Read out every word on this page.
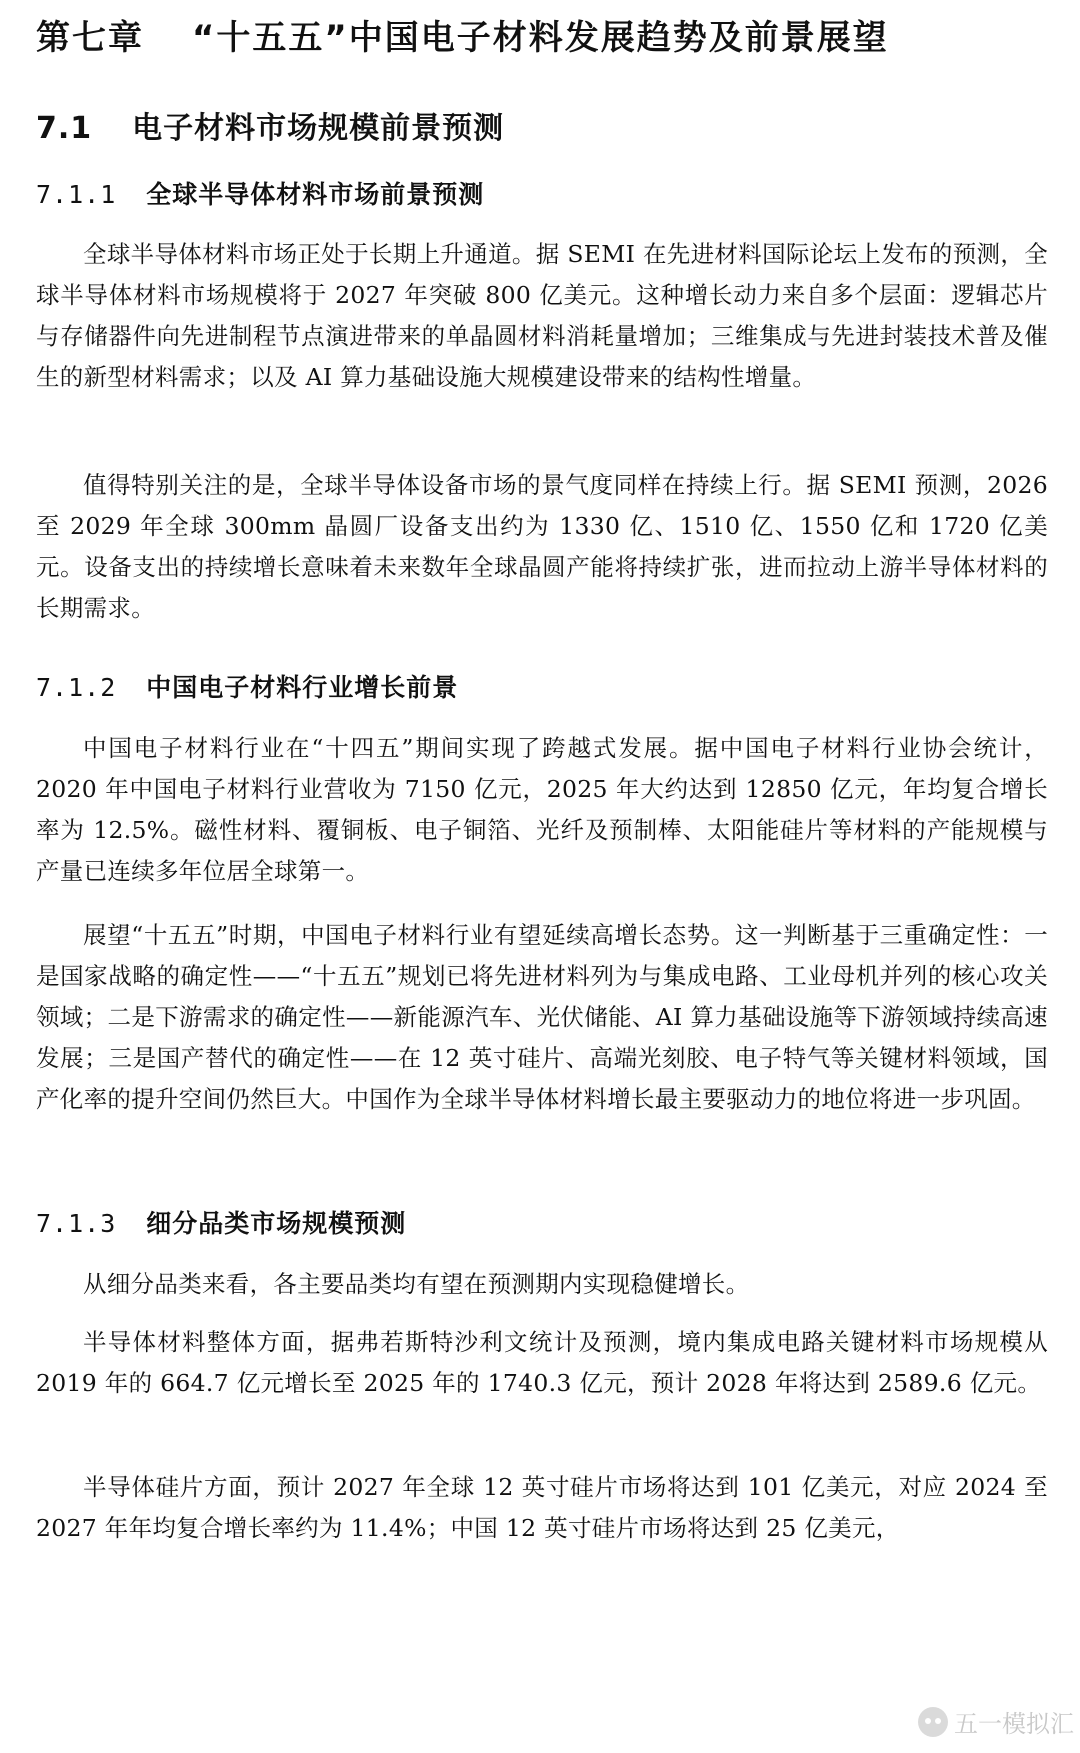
第七章 “十五五”中国电子材料发展趋势及前景展望
7.1 电子材料市场规模前景预测
7.1.1 全球半导体材料市场前景预测

全球半导体材料市场正处于长期上升通道。据 SEMI 在先进材料国际论坛上发布的预测，全球半导体材料市场规模将于 2027 年突破 800 亿美元。这种增长动力来自多个层面：逻辑芯片与存储器件向先进制程节点演进带来的单晶圆材料消耗量增加；三维集成与先进封装技术普及催生的新型材料需求；以及 AI 算力基础设施大规模建设带来的结构性增量。

值得特别关注的是，全球半导体设备市场的景气度同样在持续上行。据 SEMI 预测，2026 至 2029 年全球 300mm 晶圆厂设备支出约为 1330 亿、1510 亿、1550 亿和 1720 亿美元。设备支出的持续增长意味着未来数年全球晶圆产能将持续扩张，进而拉动上游半导体材料的长期需求。

7.1.2 中国电子材料行业增长前景

中国电子材料行业在“十四五”期间实现了跨越式发展。据中国电子材料行业协会统计，2020 年中国电子材料行业营收为 7150 亿元，2025 年大约达到 12850 亿元，年均复合增长率为 12.5%。磁性材料、覆铜板、电子铜箔、光纤及预制棒、太阳能硅片等材料的产能规模与产量已连续多年位居全球第一。

展望“十五五”时期，中国电子材料行业有望延续高增长态势。这一判断基于三重确定性：一是国家战略的确定性——“十五五”规划已将先进材料列为与集成电路、工业母机并列的核心攻关领域；二是下游需求的确定性——新能源汽车、光伏储能、AI 算力基础设施等下游领域持续高速发展；三是国产替代的确定性——在 12 英寸硅片、高端光刻胶、电子特气等关键材料领域，国产化率的提升空间仍然巨大。中国作为全球半导体材料增长最主要驱动力的地位将进一步巩固。

7.1.3 细分品类市场规模预测

从细分品类来看，各主要品类均有望在预测期内实现稳健增长。

半导体材料整体方面，据弗若斯特沙利文统计及预测，境内集成电路关键材料市场规模从 2019 年的 664.7 亿元增长至 2025 年的 1740.3 亿元，预计 2028 年将达到 2589.6 亿元。

半导体硅片方面，预计 2027 年全球 12 英寸硅片市场将达到 101 亿美元，对应 2024 至 2027 年年均复合增长率约为 11.4%；中国 12 英寸硅片市场将达到 25 亿美元，

五一模拟汇
